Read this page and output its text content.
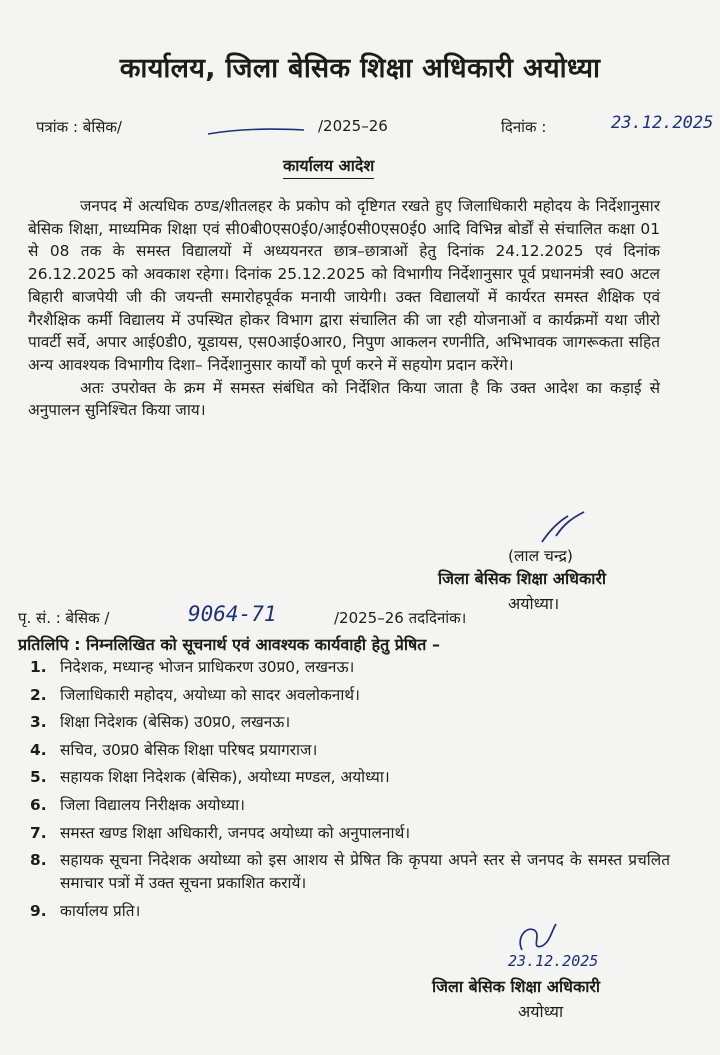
कार्यालय, जिला बेसिक शिक्षा अधिकारी अयोध्या
पत्रांक : बेसिक/	/2025–26	दिनांक :	23.12.2025
कार्यालय आदेश

जनपद में अत्यधिक ठण्ड/शीतलहर के प्रकोप को दृष्टिगत रखते हुए जिलाधिकारी महोदय के निर्देशानुसार बेसिक शिक्षा, माध्यमिक शिक्षा एवं सी0बी0एस0ई0/आई0सी0एस0ई0 आदि विभिन्न बोर्डों से संचालित कक्षा 01 से 08 तक के समस्त विद्यालयों में अध्ययनरत छात्र–छात्राओं हेतु दिनांक 24.12.2025 एवं दिनांक 26.12.2025 को अवकाश रहेगा। दिनांक 25.12.2025 को विभागीय निर्देशानुसार पूर्व प्रधानमंत्री स्व0 अटल बिहारी बाजपेयी जी की जयन्ती समारोहपूर्वक मनायी जायेगी। उक्त विद्यालयों में कार्यरत समस्त शैक्षिक एवं गैरशैक्षिक कर्मी विद्यालय में उपस्थित होकर विभाग द्वारा संचालित की जा रही योजनाओं व कार्यक्रमों यथा जीरो पावर्टी सर्वे, अपार आई0डी0, यूडायस, एस0आई0आर0, निपुण आकलन रणनीति, अभिभावक जागरूकता सहित अन्य आवश्यक विभागीय दिशा– निर्देशानुसार कार्यों को पूर्ण करने में सहयोग प्रदान करेंगे।

अतः उपरोक्त के क्रम में समस्त संबंधित को निर्देशित किया जाता है कि उक्त आदेश का कड़ाई से अनुपालन सुनिश्चित किया जाय।

(लाल चन्द्र)
जिला बेसिक शिक्षा अधिकारी
अयोध्या।
पृ. सं. : बेसिक /	9064-71	/2025–26 तददिनांक।
प्रतिलिपि : निम्नलिखित को सूचनार्थ एवं आवश्यक कार्यवाही हेतु प्रेषित –
1. निदेशक, मध्यान्ह भोजन प्राधिकरण उ0प्र0, लखनऊ।
2. जिलाधिकारी महोदय, अयोध्या को सादर अवलोकनार्थ।
3. शिक्षा निदेशक (बेसिक) उ0प्र0, लखनऊ।
4. सचिव, उ0प्र0 बेसिक शिक्षा परिषद प्रयागराज।
5. सहायक शिक्षा निदेशक (बेसिक), अयोध्या मण्डल, अयोध्या।
6. जिला विद्यालय निरीक्षक अयोध्या।
7. समस्त खण्ड शिक्षा अधिकारी, जनपद अयोध्या को अनुपालनार्थ।
8. सहायक सूचना निदेशक अयोध्या को इस आशय से प्रेषित कि कृपया अपने स्तर से जनपद के समस्त प्रचलित समाचार पत्रों में उक्त सूचना प्रकाशित करायें।
9. कार्यालय प्रति।
23.12.2025
जिला बेसिक शिक्षा अधिकारी
अयोध्या
